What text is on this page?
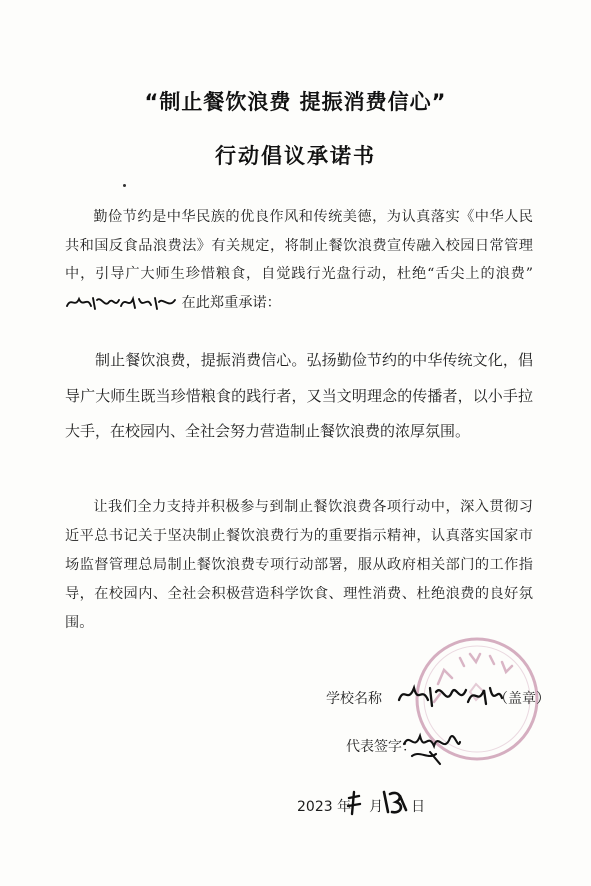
“制止餐饮浪费 提振消费信心”
行动倡议承诺书
勤俭节约是中华民族的优良作风和传统美德，为认真落实《中华人民共和国反食品浪费法》有关规定，将制止餐饮浪费宣传融入校园日常管理中，引导广大师生珍惜粮食，自觉践行光盘行动，杜绝“舌尖上的浪费” 在此郑重承诺：
制止餐饮浪费，提振消费信心。弘扬勤俭节约的中华传统文化，倡导广大师生既当珍惜粮食的践行者，又当文明理念的传播者，以小手拉大手，在校园内、全社会努力营造制止餐饮浪费的浓厚氛围。
让我们全力支持并积极参与到制止餐饮浪费各项行动中，深入贯彻习近平总书记关于坚决制止餐饮浪费行为的重要指示精神，认真落实国家市场监督管理总局制止餐饮浪费专项行动部署，服从政府相关部门的工作指导，在校园内、全社会积极营造科学饮食、理性消费、杜绝浪费的良好氛围。
学校名称	（盖章）
代表签字：
2023 年 月 日
